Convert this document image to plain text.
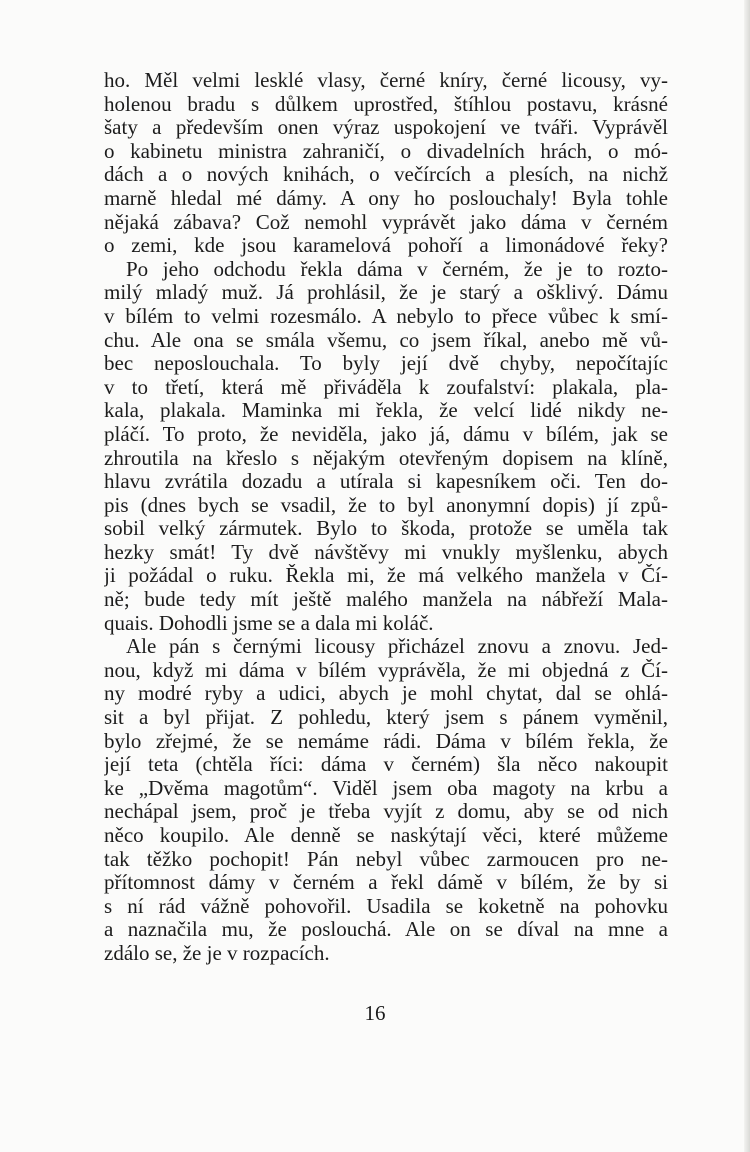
ho. Měl velmi lesklé vlasy, černé kníry, černé licousy, vy-
holenou bradu s důlkem uprostřed, štíhlou postavu, krásné
šaty a především onen výraz uspokojení ve tváři. Vyprávěl
o kabinetu ministra zahraničí, o divadelních hrách, o mó-
dách a o nových knihách, o večírcích a plesích, na nichž
marně hledal mé dámy. A ony ho poslouchaly! Byla tohle
nějaká zábava? Což nemohl vyprávět jako dáma v černém
o zemi, kde jsou karamelová pohoří a limonádové řeky?
Po jeho odchodu řekla dáma v černém, že je to rozto-
milý mladý muž. Já prohlásil, že je starý a ošklivý. Dámu
v bílém to velmi rozesmálo. A nebylo to přece vůbec k smí-
chu. Ale ona se smála všemu, co jsem říkal, anebo mě vů-
bec neposlouchala. To byly její dvě chyby, nepočítajíc
v to třetí, která mě přiváděla k zoufalství: plakala, pla-
kala, plakala. Maminka mi řekla, že velcí lidé nikdy ne-
pláčí. To proto, že neviděla, jako já, dámu v bílém, jak se
zhroutila na křeslo s nějakým otevřeným dopisem na klíně,
hlavu zvrátila dozadu a utírala si kapesníkem oči. Ten do-
pis (dnes bych se vsadil, že to byl anonymní dopis) jí způ-
sobil velký zármutek. Bylo to škoda, protože se uměla tak
hezky smát! Ty dvě návštěvy mi vnukly myšlenku, abych
ji požádal o ruku. Řekla mi, že má velkého manžela v Čí-
ně; bude tedy mít ještě malého manžela na nábřeží Mala-
quais. Dohodli jsme se a dala mi koláč.
Ale pán s černými licousy přicházel znovu a znovu. Jed-
nou, když mi dáma v bílém vyprávěla, že mi objedná z Čí-
ny modré ryby a udici, abych je mohl chytat, dal se ohlá-
sit a byl přijat. Z pohledu, který jsem s pánem vyměnil,
bylo zřejmé, že se nemáme rádi. Dáma v bílém řekla, že
její teta (chtěla říci: dáma v černém) šla něco nakoupit
ke „Dvěma magotům“. Viděl jsem oba magoty na krbu a
nechápal jsem, proč je třeba vyjít z domu, aby se od nich
něco koupilo. Ale denně se naskýtají věci, které můžeme
tak těžko pochopit! Pán nebyl vůbec zarmoucen pro ne-
přítomnost dámy v černém a řekl dámě v bílém, že by si
s ní rád vážně pohovořil. Usadila se koketně na pohovku
a naznačila mu, že poslouchá. Ale on se díval na mne a
zdálo se, že je v rozpacích.
16
